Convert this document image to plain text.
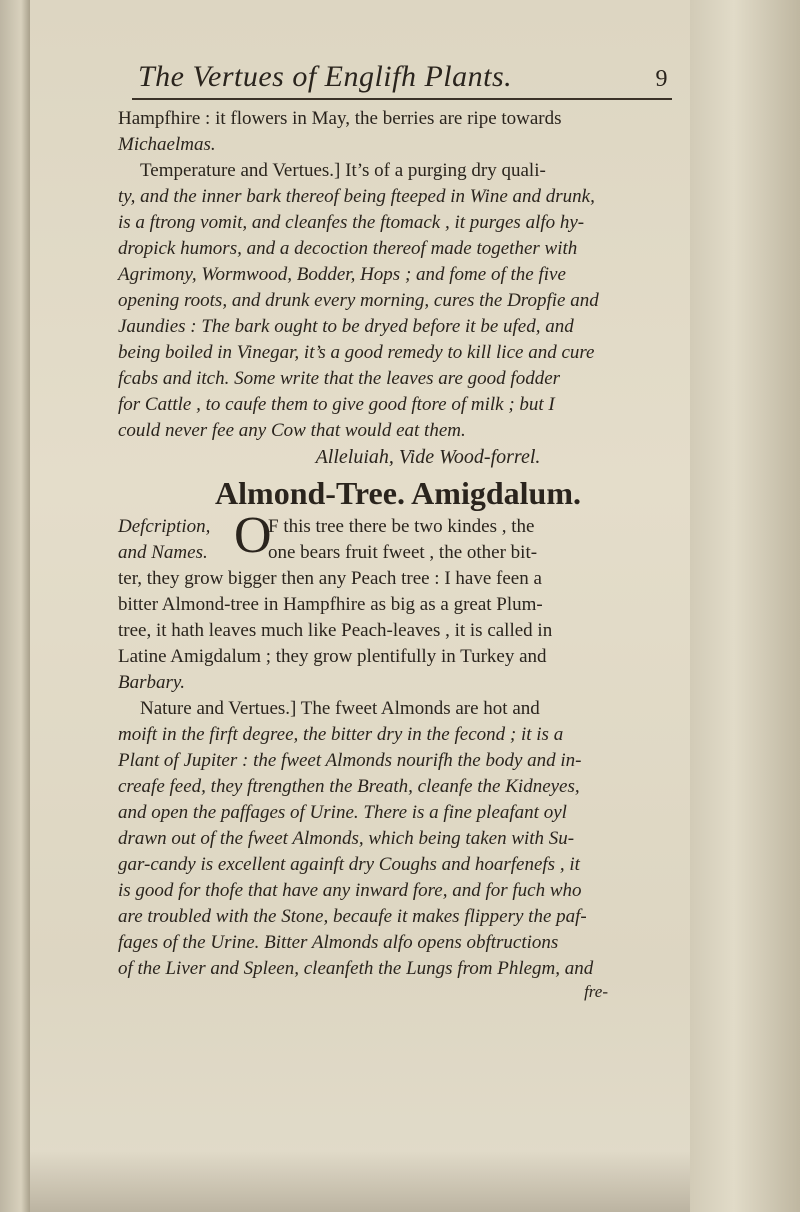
The Vertues of Englifh Plants.	9

Hampfhire : it flowers in May, the berries are ripe towards

Michaelmas.

Temperature and Vertues.] It’s of a purging dry quali-

ty, and the inner bark thereof being fteeped in Wine and drunk,

is a ftrong vomit, and cleanfes the ftomack , it purges alfo hy-

dropick humors, and a decoction thereof made together with

Agrimony, Wormwood, Bodder, Hops ; and fome of the five

opening roots, and drunk every morning, cures the Dropfie and

Jaundies : The bark ought to be dryed before it be ufed, and

being boiled in Vinegar, it’s a good remedy to kill lice and cure

fcabs and itch. Some write that the leaves are good fodder

for Cattle , to caufe them to give good ftore of milk ; but I

could never fee any Cow that would eat them.

Alleluiah, Vide Wood-forrel.

Almond-Tree. Amigdalum.
Defcription,
and Names. O
F this tree there be two kindes , the
one bears fruit fweet , the other bit-

ter, they grow bigger then any Peach tree : I have feen a

bitter Almond-tree in Hampfhire as big as a great Plum-

tree, it hath leaves much like Peach-leaves , it is called in

Latine Amigdalum ; they grow plentifully in Turkey and

Barbary.

Nature and Vertues.] The fweet Almonds are hot and

moift in the firft degree, the bitter dry in the fecond ; it is a

Plant of Jupiter : the fweet Almonds nourifh the body and in-

creafe feed, they ftrengthen the Breath, cleanfe the Kidneyes,

and open the paffages of Urine. There is a fine pleafant oyl

drawn out of the fweet Almonds, which being taken with Su-

gar-candy is excellent againft dry Coughs and hoarfenefs , it

is good for thofe that have any inward fore, and for fuch who

are troubled with the Stone, becaufe it makes flippery the paf-

fages of the Urine. Bitter Almonds alfo opens obftructions

of the Liver and Spleen, cleanfeth the Lungs from Phlegm, and

fre-
